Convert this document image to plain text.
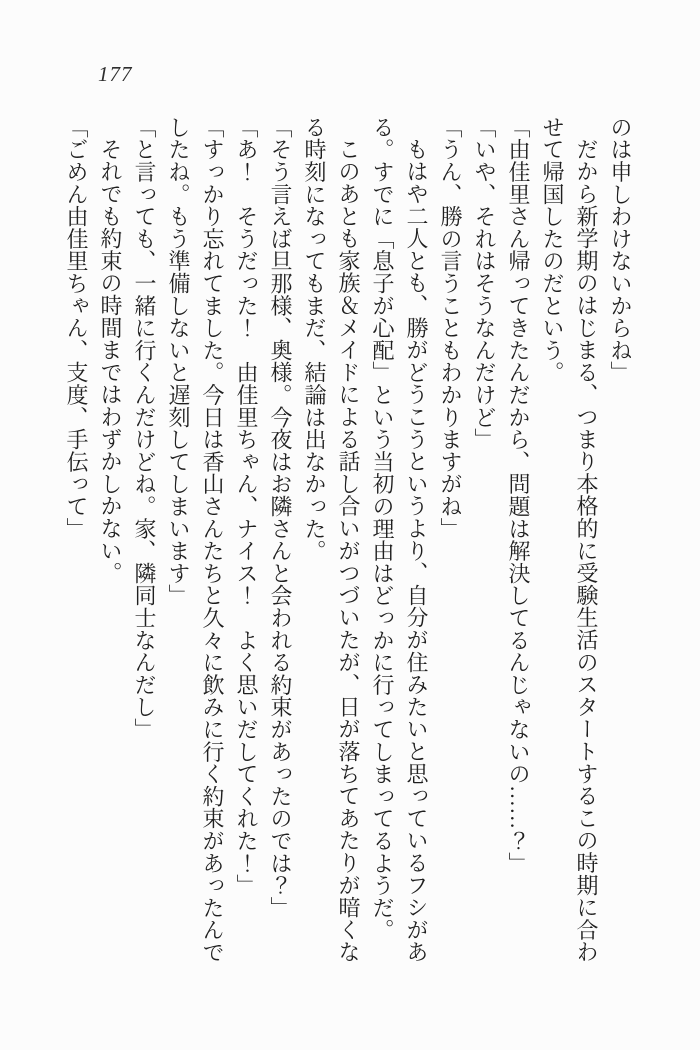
177
のは申しわけないからね」
だから新学期のはじまる、つまり本格的に受験生活のスタートするこの時期に合わ
せて帰国したのだという。
「由佳里さん帰ってきたんだから、問題は解決してるんじゃないの……？」
「いや、それはそうなんだけど」
「うん、勝の言うこともわかりますがね」
もはや二人とも、勝がどうこうというより、自分が住みたいと思っているフシがあ
る。すでに「息子が心配」という当初の理由はどっかに行ってしまってるようだ。
このあとも家族＆メイドによる話し合いがつづいたが、日が落ちてあたりが暗くな
る時刻になってもまだ、結論は出なかった。
「そう言えば旦那様、奥様。今夜はお隣さんと会われる約束があったのでは？」
「あ！　そうだった！　由佳里ちゃん、ナイス！　よく思いだしてくれた！」
「すっかり忘れてました。今日は香山さんたちと久々に飲みに行く約束があったんで
したね。もう準備しないと遅刻してしまいます」
「と言っても、一緒に行くんだけどね。家、隣同士なんだし」
それでも約束の時間まではわずかしかない。
「ごめん由佳里ちゃん、支度、手伝って」
